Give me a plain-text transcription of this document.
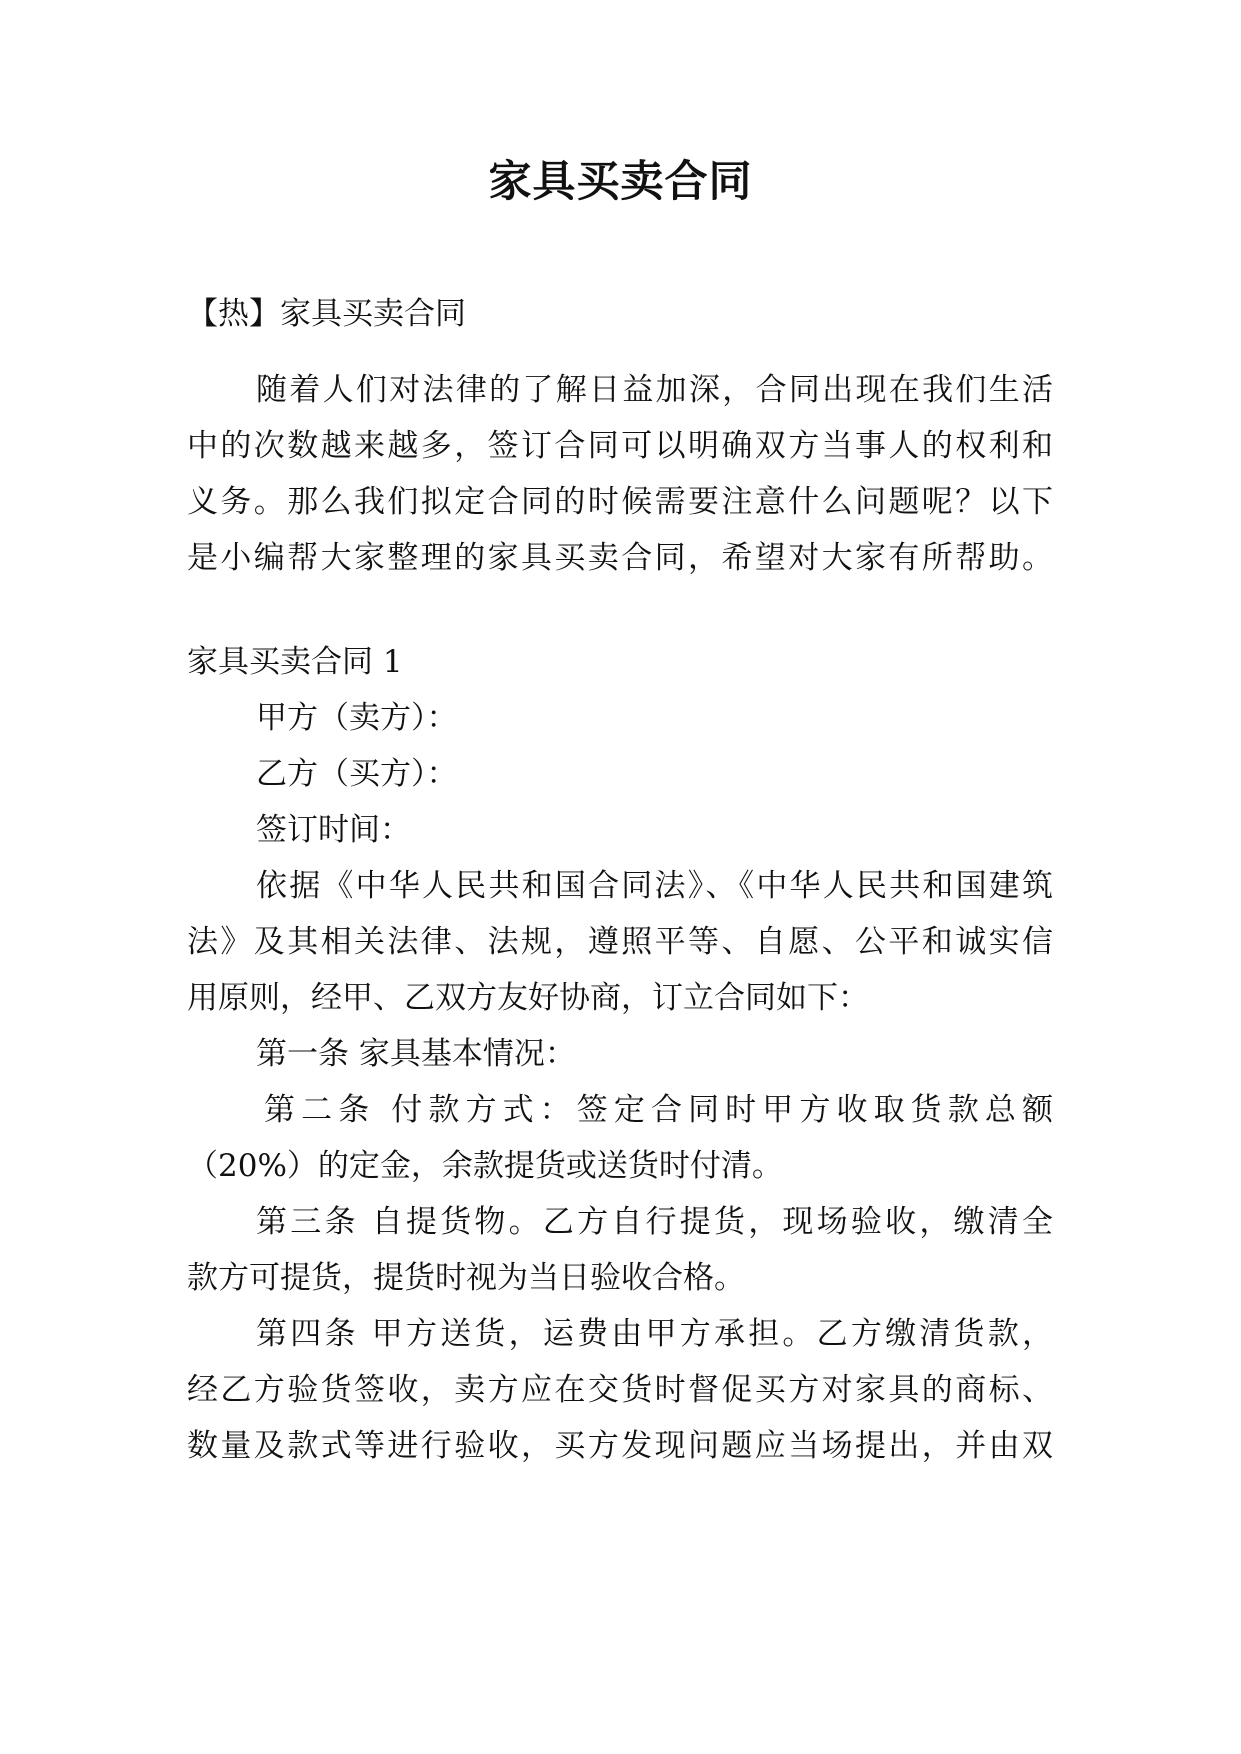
家具买卖合同

【热】家具买卖合同

随着人们对法律的了解日益加深，合同出现在我们生活

中的次数越来越多，签订合同可以明确双方当事人的权利和

义务。那么我们拟定合同的时候需要注意什么问题呢？以下

是小编帮大家整理的家具买卖合同，希望对大家有所帮助。

家具买卖合同 1

甲方（卖方）：

乙方（买方）：

签订时间：

依据《中华人民共和国合同法》、《中华人民共和国建筑

法》及其相关法律、法规，遵照平等、自愿、公平和诚实信

用原则，经甲、乙双方友好协商，订立合同如下：

第一条 家具基本情况：

第二条 付款方式：签定合同时甲方收取货款总额

（20%）的定金，余款提货或送货时付清。

第三条 自提货物。乙方自行提货，现场验收，缴清全

款方可提货，提货时视为当日验收合格。

第四条 甲方送货，运费由甲方承担。乙方缴清货款，

经乙方验货签收，卖方应在交货时督促买方对家具的商标、

数量及款式等进行验收，买方发现问题应当场提出，并由双
